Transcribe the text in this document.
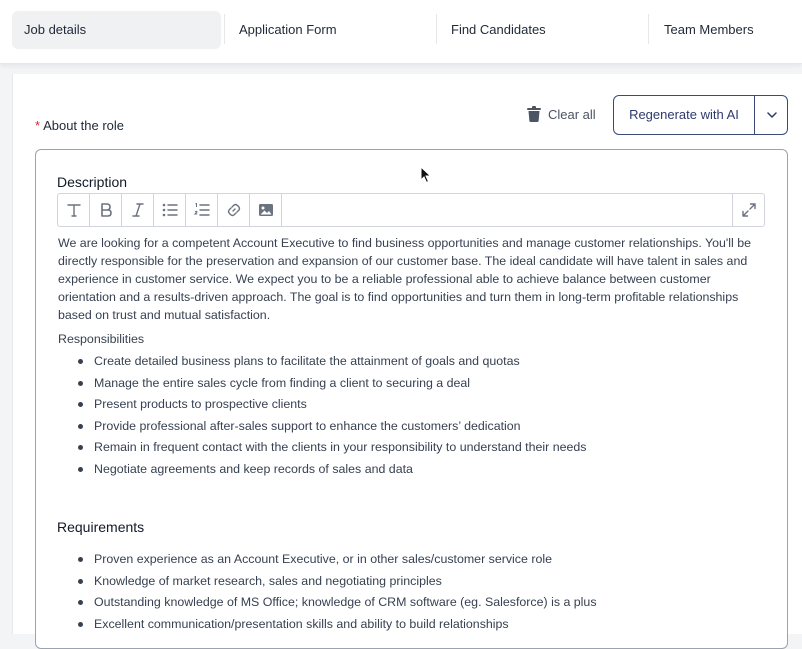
Job details	Application Form	Find Candidates	Team Members
* About the role
Clear all	Regenerate with AI
Description
We are looking for a competent Account Executive to find business opportunities and manage customer relationships. You'll be directly responsible for the preservation and expansion of our customer base. The ideal candidate will have talent in sales and experience in customer service. We expect you to be a reliable professional able to achieve balance between customer orientation and a results-driven approach. The goal is to find opportunities and turn them in long-term profitable relationships based on trust and mutual satisfaction.
Responsibilities
Create detailed business plans to facilitate the attainment of goals and quotas
Manage the entire sales cycle from finding a client to securing a deal
Present products to prospective clients
Provide professional after-sales support to enhance the customers’ dedication
Remain in frequent contact with the clients in your responsibility to understand their needs
Negotiate agreements and keep records of sales and data
Requirements
Proven experience as an Account Executive, or in other sales/customer service role
Knowledge of market research, sales and negotiating principles
Outstanding knowledge of MS Office; knowledge of CRM software (eg. Salesforce) is a plus
Excellent communication/presentation skills and ability to build relationships
